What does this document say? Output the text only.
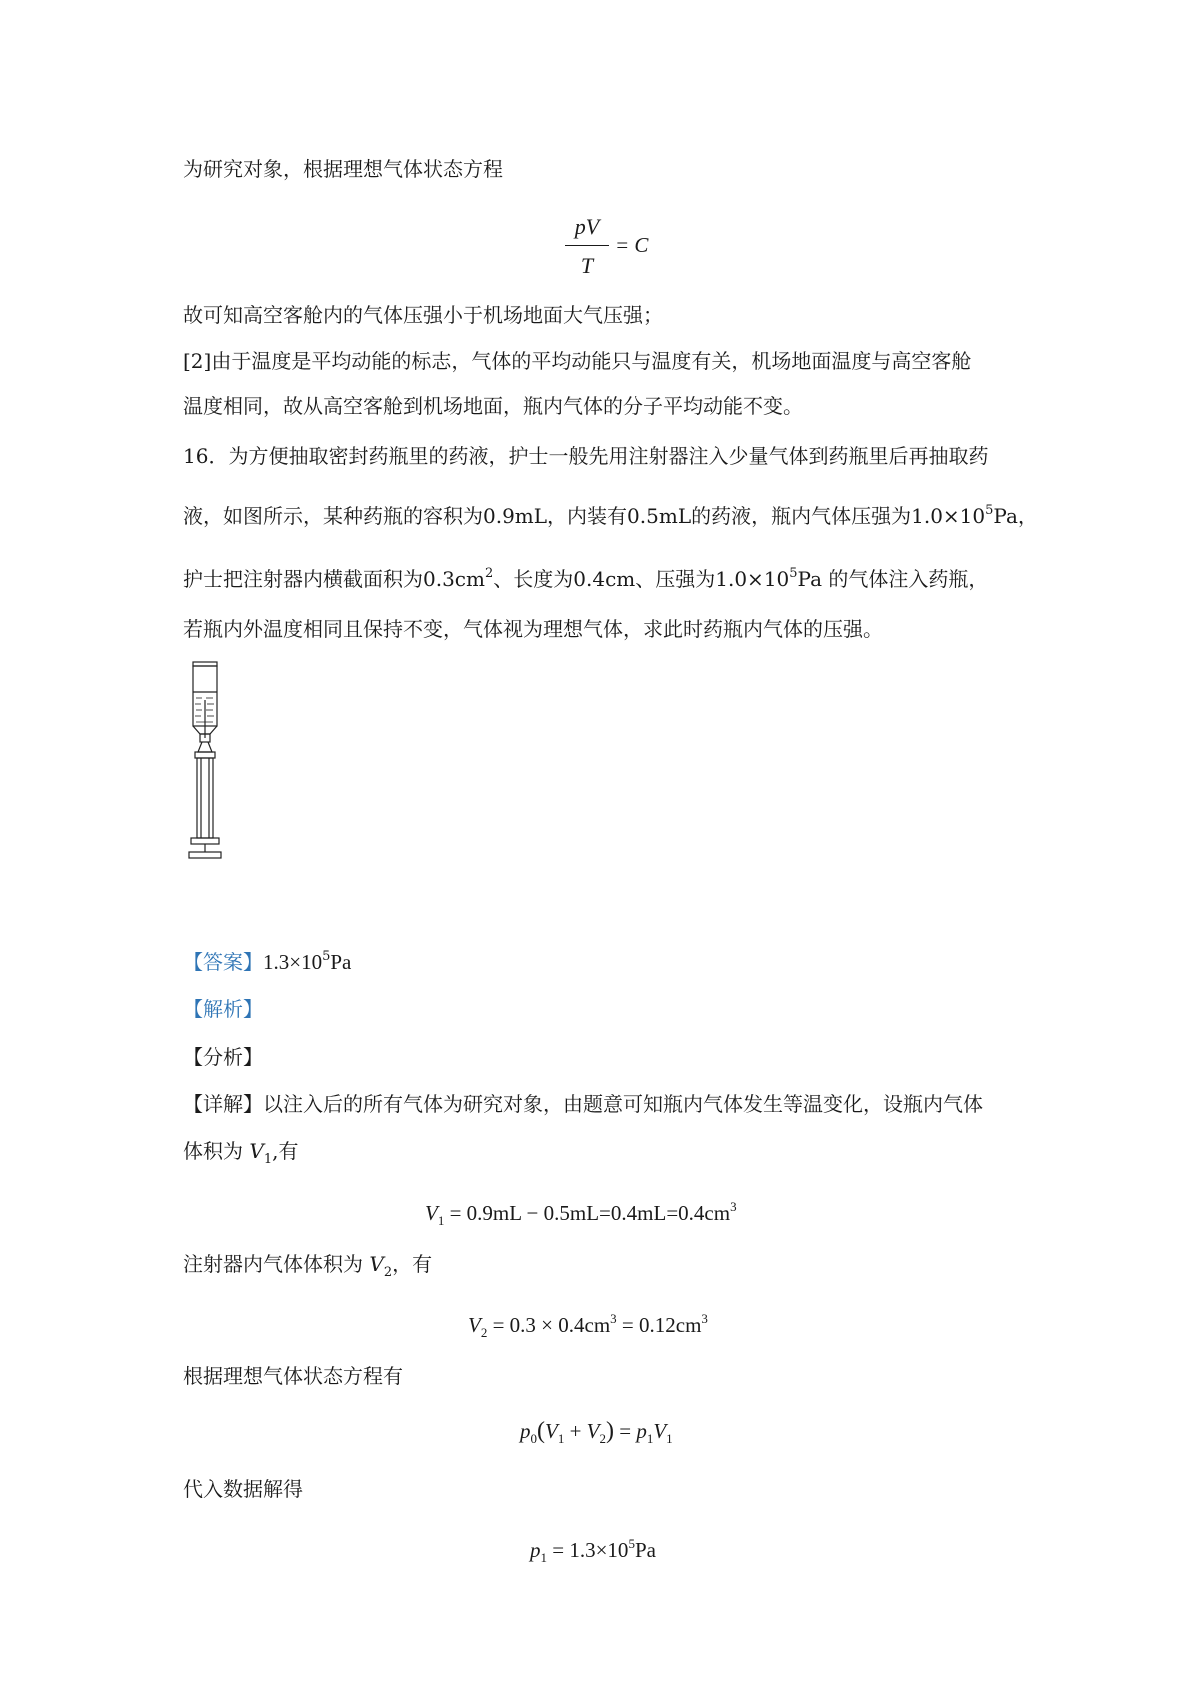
为研究对象，根据理想气体状态方程
pV
T
= C
故可知高空客舱内的气体压强小于机场地面大气压强；
[2]由于温度是平均动能的标志，气体的平均动能只与温度有关，机场地面温度与高空客舱
温度相同，故从高空客舱到机场地面，瓶内气体的分子平均动能不变。
16．为方便抽取密封药瓶里的药液，护士一般先用注射器注入少量气体到药瓶里后再抽取药
液，如图所示，某种药瓶的容积为0.9mL，内装有0.5mL的药液，瓶内气体压强为$1.0\times 10^5Pa$，
护士把注射器内横截面积为$0.3cm^2$、长度为0.4cm、压强为$1.0\times 10^5Pa$ 的气体注入药瓶，
若瓶内外温度相同且保持不变，气体视为理想气体，求此时药瓶内气体的压强。
【答案】$1.3\times 10^5Pa$
【解析】
【分析】
【详解】以注入后的所有气体为研究对象，由题意可知瓶内气体发生等温变化，设瓶内气体
体积为 $V_1$,有
$V_1 = 0.9mL - 0.5mL=0.4mL=0.4cm^3$
注射器内气体体积为 $V_2$，有
$V_2 = 0.3 \times 0.4cm^3 = 0.12cm^3$
根据理想气体状态方程有
$p_0(V_1 + V_2) = p_1V_1$
代入数据解得
$p_1 = 1.3\times 10^5Pa$
